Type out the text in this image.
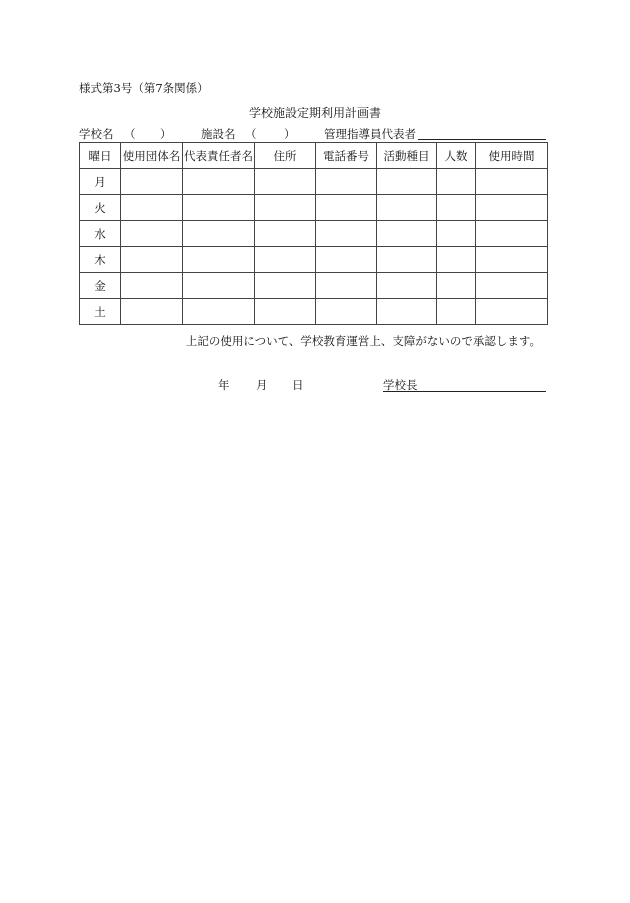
様式第3号（第7条関係）
学校施設定期利用計画書
学校名 （ ）	施設名 （ ） 管理指導員代表者
曜日	使用団体名	代表責任者名	住所	電話番号	活動種目	人数	使用時間
月							
火							
水							
木							
金							
土							
上記の使用について、学校教育運営上、支障がないので承認します。
年 月 日	学校長
